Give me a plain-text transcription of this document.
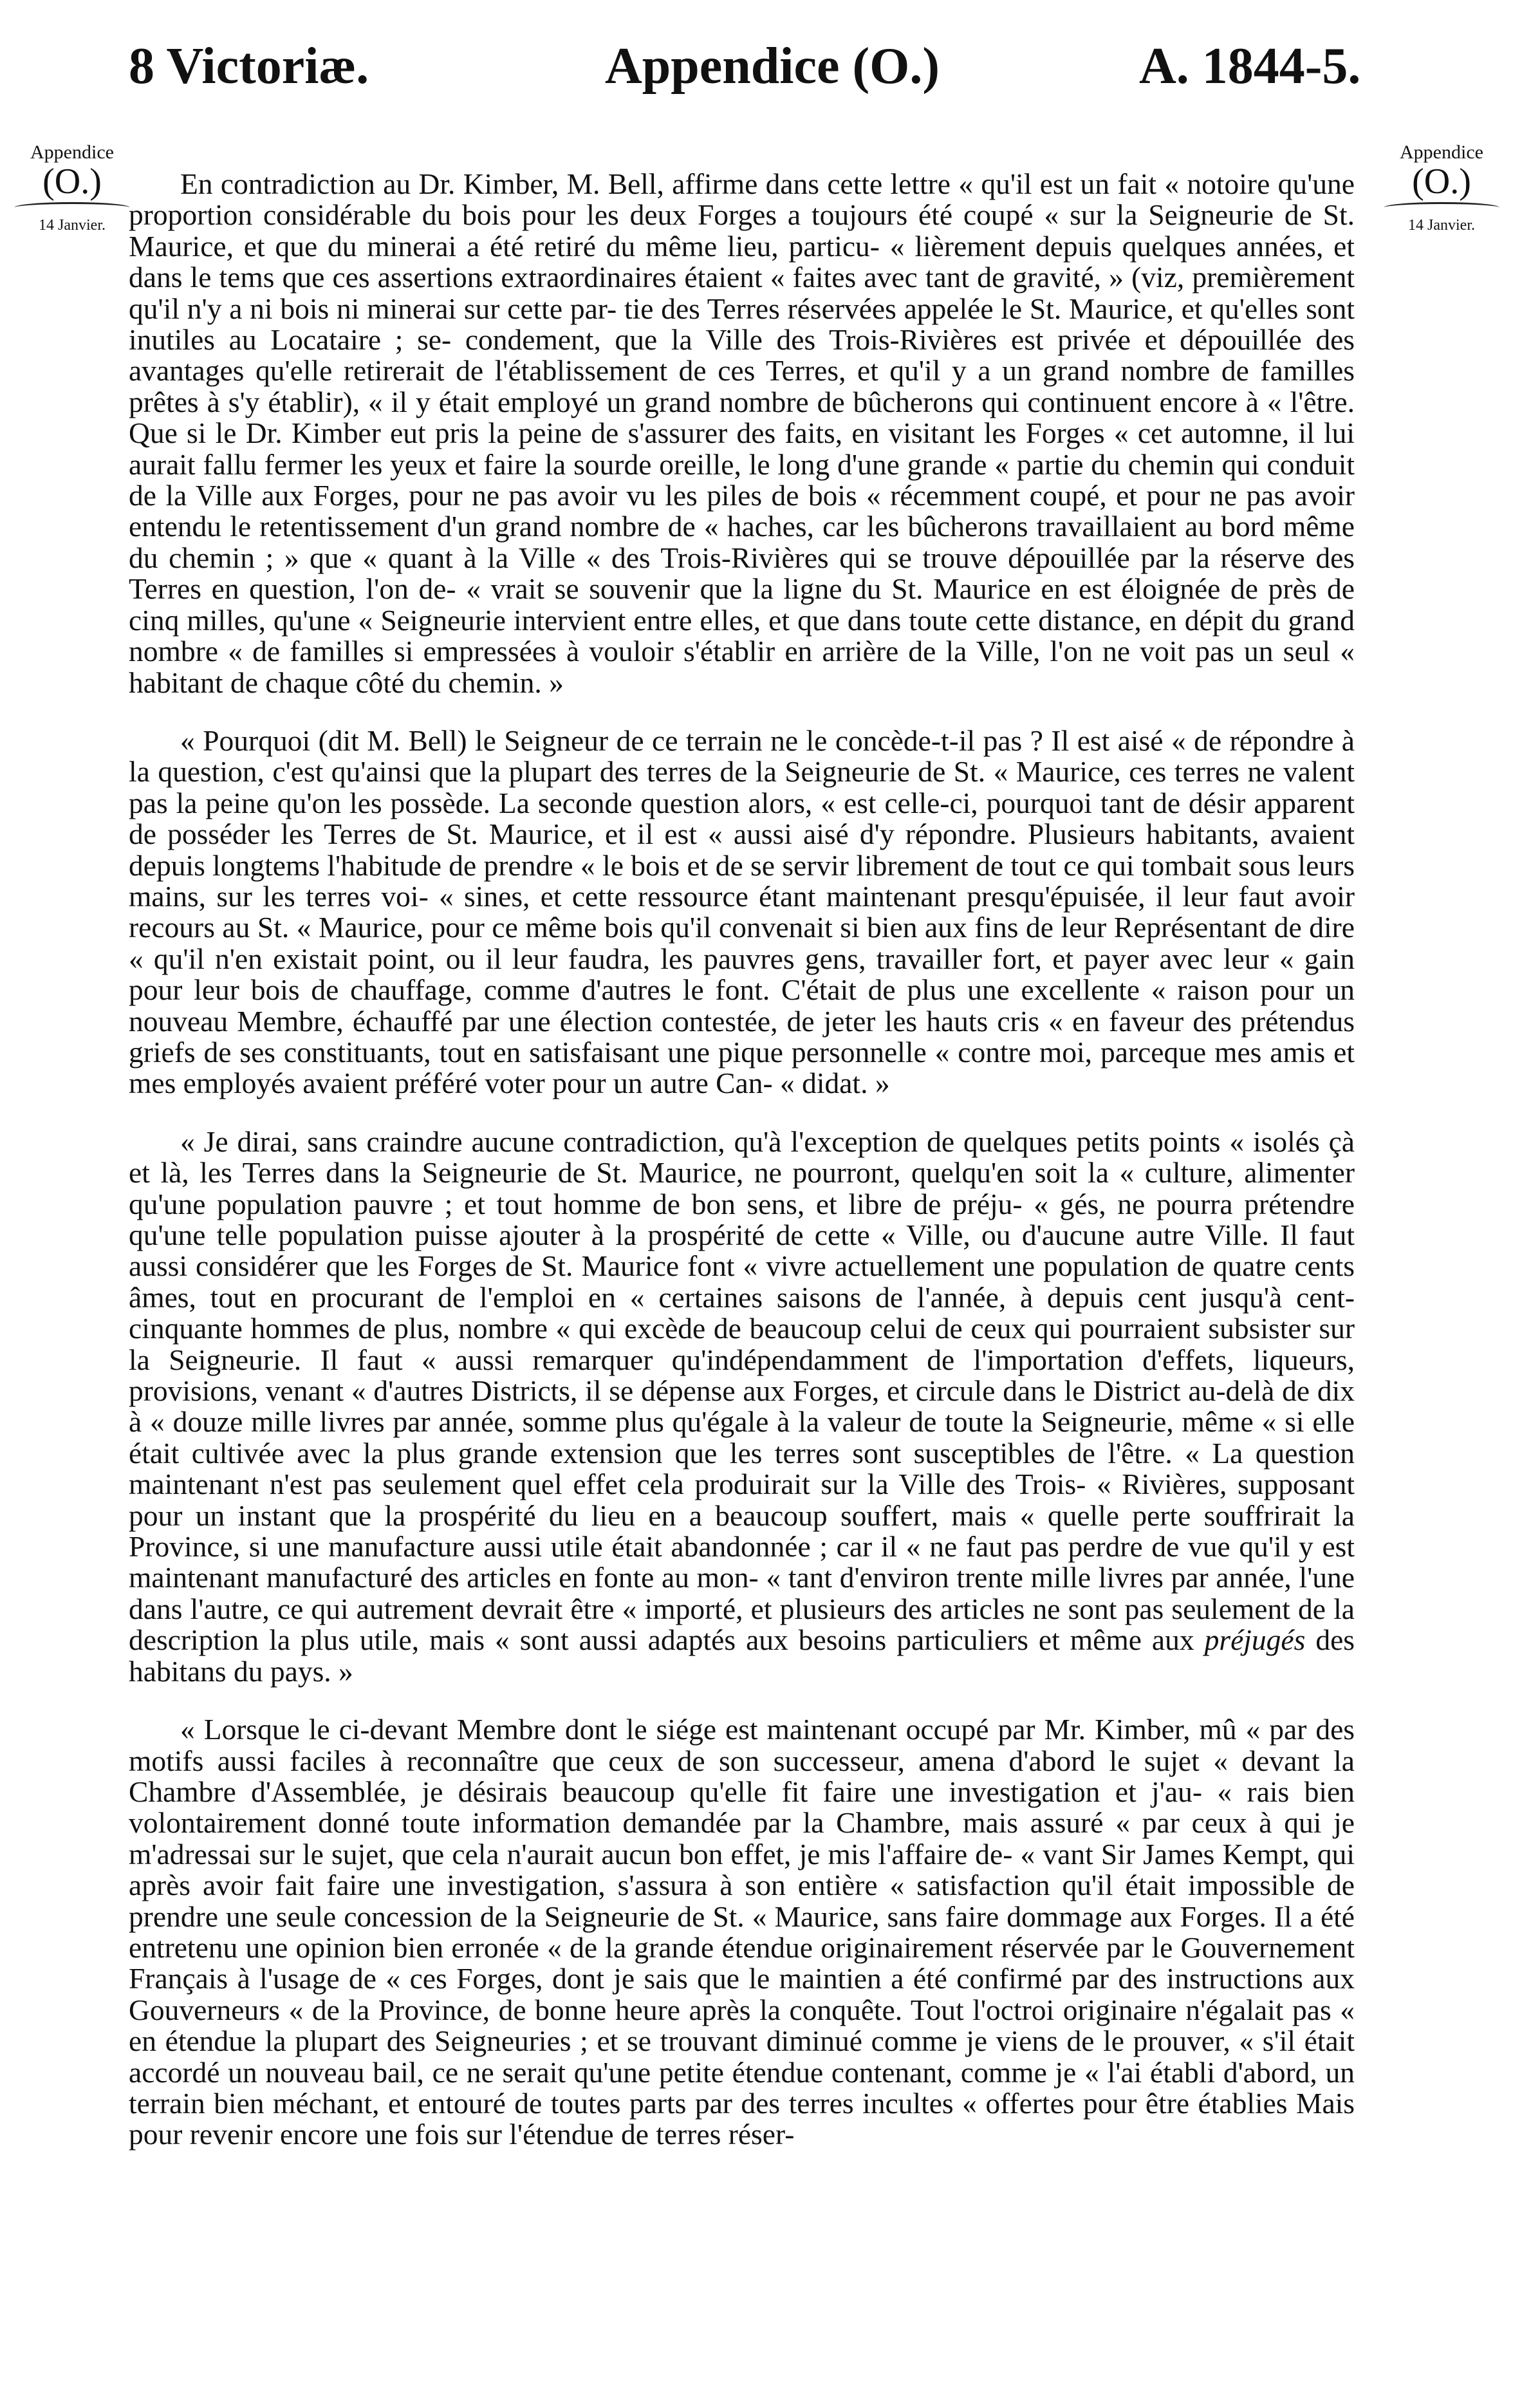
8 Victoriæ.	Appendice (O.)	A. 1844-5.
Appendice
(O.)
14 Janvier.
Appendice
(O.)
14 Janvier.

En contradiction au Dr. Kimber, M. Bell, affirme dans cette lettre « qu'il est un fait « notoire qu'une proportion considérable du bois pour les deux Forges a toujours été coupé « sur la Seigneurie de St. Maurice, et que du minerai a été retiré du même lieu, particu- « lièrement depuis quelques années, et dans le tems que ces assertions extraordinaires étaient « faites avec tant de gravité, » (viz, premièrement qu'il n'y a ni bois ni minerai sur cette par- tie des Terres réservées appelée le St. Maurice, et qu'elles sont inutiles au Locataire ; se- condement, que la Ville des Trois-Rivières est privée et dépouillée des avantages qu'elle retirerait de l'établissement de ces Terres, et qu'il y a un grand nombre de familles prêtes à s'y établir), « il y était employé un grand nombre de bûcherons qui continuent encore à « l'être. Que si le Dr. Kimber eut pris la peine de s'assurer des faits, en visitant les Forges « cet automne, il lui aurait fallu fermer les yeux et faire la sourde oreille, le long d'une grande « partie du chemin qui conduit de la Ville aux Forges, pour ne pas avoir vu les piles de bois « récemment coupé, et pour ne pas avoir entendu le retentissement d'un grand nombre de « haches, car les bûcherons travaillaient au bord même du chemin ; » que « quant à la Ville « des Trois-Rivières qui se trouve dépouillée par la réserve des Terres en question, l'on de- « vrait se souvenir que la ligne du St. Maurice en est éloignée de près de cinq milles, qu'une « Seigneurie intervient entre elles, et que dans toute cette distance, en dépit du grand nombre « de familles si empressées à vouloir s'établir en arrière de la Ville, l'on ne voit pas un seul « habitant de chaque côté du chemin. »

« Pourquoi (dit M. Bell) le Seigneur de ce terrain ne le concède-t-il pas ? Il est aisé « de répondre à la question, c'est qu'ainsi que la plupart des terres de la Seigneurie de St. « Maurice, ces terres ne valent pas la peine qu'on les possède. La seconde question alors, « est celle-ci, pourquoi tant de désir apparent de posséder les Terres de St. Maurice, et il est « aussi aisé d'y répondre. Plusieurs habitants, avaient depuis longtems l'habitude de prendre « le bois et de se servir librement de tout ce qui tombait sous leurs mains, sur les terres voi- « sines, et cette ressource étant maintenant presqu'épuisée, il leur faut avoir recours au St. « Maurice, pour ce même bois qu'il convenait si bien aux fins de leur Représentant de dire « qu'il n'en existait point, ou il leur faudra, les pauvres gens, travailler fort, et payer avec leur « gain pour leur bois de chauffage, comme d'autres le font. C'était de plus une excellente « raison pour un nouveau Membre, échauffé par une élection contestée, de jeter les hauts cris « en faveur des prétendus griefs de ses constituants, tout en satisfaisant une pique personnelle « contre moi, parceque mes amis et mes employés avaient préféré voter pour un autre Can- « didat. »

« Je dirai, sans craindre aucune contradiction, qu'à l'exception de quelques petits points « isolés çà et là, les Terres dans la Seigneurie de St. Maurice, ne pourront, quelqu'en soit la « culture, alimenter qu'une population pauvre ; et tout homme de bon sens, et libre de préju- « gés, ne pourra prétendre qu'une telle population puisse ajouter à la prospérité de cette « Ville, ou d'aucune autre Ville. Il faut aussi considérer que les Forges de St. Maurice font « vivre actuellement une population de quatre cents âmes, tout en procurant de l'emploi en « certaines saisons de l'année, à depuis cent jusqu'à cent-cinquante hommes de plus, nombre « qui excède de beaucoup celui de ceux qui pourraient subsister sur la Seigneurie. Il faut « aussi remarquer qu'indépendamment de l'importation d'effets, liqueurs, provisions, venant « d'autres Districts, il se dépense aux Forges, et circule dans le District au-delà de dix à « douze mille livres par année, somme plus qu'égale à la valeur de toute la Seigneurie, même « si elle était cultivée avec la plus grande extension que les terres sont susceptibles de l'être. « La question maintenant n'est pas seulement quel effet cela produirait sur la Ville des Trois- « Rivières, supposant pour un instant que la prospérité du lieu en a beaucoup souffert, mais « quelle perte souffrirait la Province, si une manufacture aussi utile était abandonnée ; car il « ne faut pas perdre de vue qu'il y est maintenant manufacturé des articles en fonte au mon- « tant d'environ trente mille livres par année, l'une dans l'autre, ce qui autrement devrait être « importé, et plusieurs des articles ne sont pas seulement de la description la plus utile, mais « sont aussi adaptés aux besoins particuliers et même aux préjugés des habitans du pays. »

« Lorsque le ci-devant Membre dont le siége est maintenant occupé par Mr. Kimber, mû « par des motifs aussi faciles à reconnaître que ceux de son successeur, amena d'abord le sujet « devant la Chambre d'Assemblée, je désirais beaucoup qu'elle fit faire une investigation et j'au- « rais bien volontairement donné toute information demandée par la Chambre, mais assuré « par ceux à qui je m'adressai sur le sujet, que cela n'aurait aucun bon effet, je mis l'affaire de- « vant Sir James Kempt, qui après avoir fait faire une investigation, s'assura à son entière « satisfaction qu'il était impossible de prendre une seule concession de la Seigneurie de St. « Maurice, sans faire dommage aux Forges. Il a été entretenu une opinion bien erronée « de la grande étendue originairement réservée par le Gouvernement Français à l'usage de « ces Forges, dont je sais que le maintien a été confirmé par des instructions aux Gouverneurs « de la Province, de bonne heure après la conquête. Tout l'octroi originaire n'égalait pas « en étendue la plupart des Seigneuries ; et se trouvant diminué comme je viens de le prouver, « s'il était accordé un nouveau bail, ce ne serait qu'une petite étendue contenant, comme je « l'ai établi d'abord, un terrain bien méchant, et entouré de toutes parts par des terres incultes « offertes pour être établies Mais pour revenir encore une fois sur l'étendue de terres réser-
